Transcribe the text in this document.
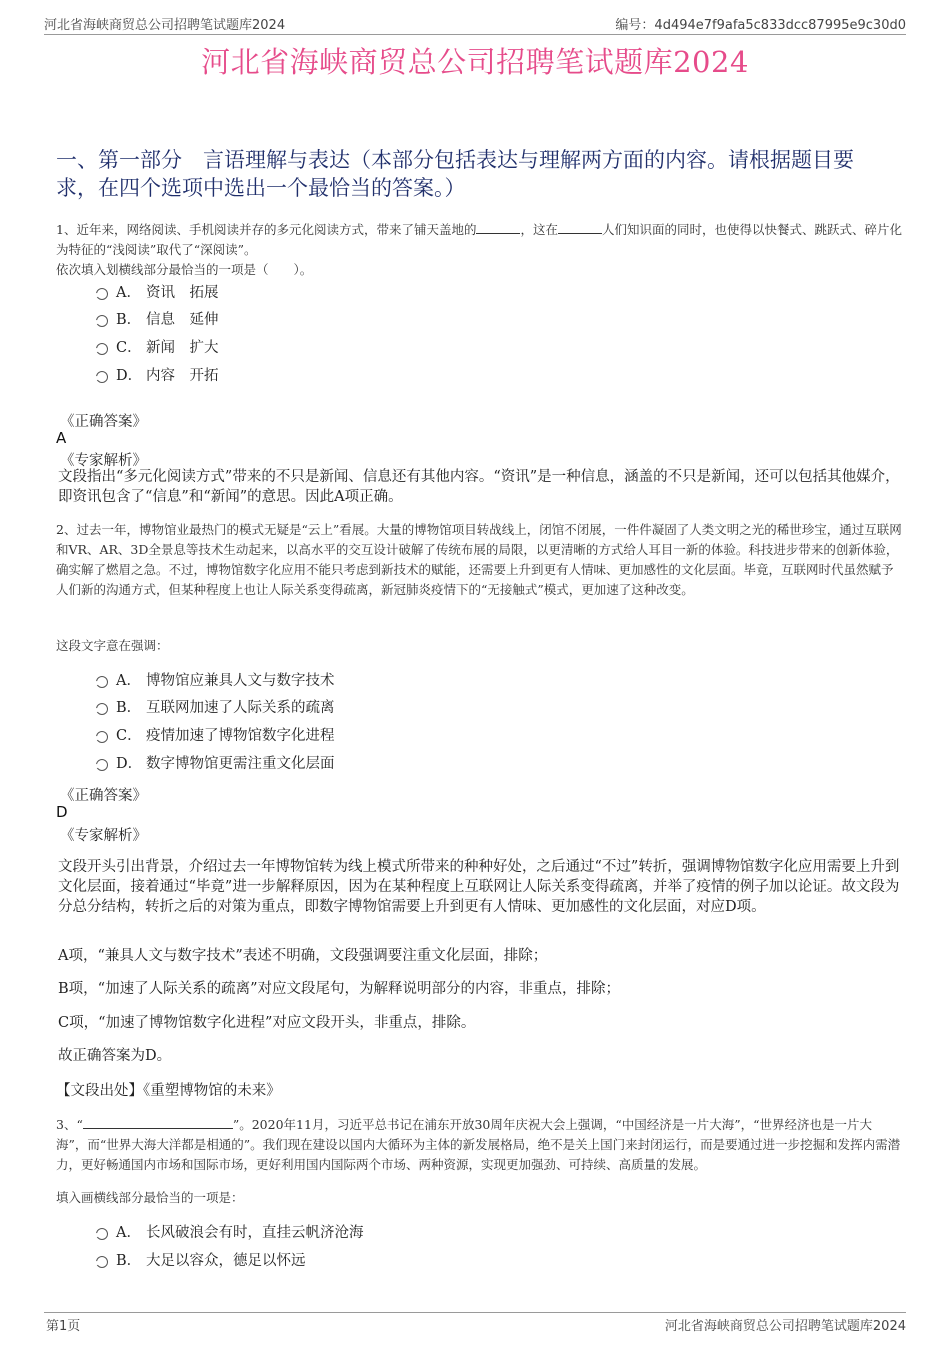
河北省海峡商贸总公司招聘笔试题库2024	编号：4d494e7f9afa5c833dcc87995e9c30d0
河北省海峡商贸总公司招聘笔试题库2024
一、第一部分　言语理解与表达（本部分包括表达与理解两方面的内容。请根据题目要求，在四个选项中选出一个最恰当的答案。）
1、近年来，网络阅读、手机阅读并存的多元化阅读方式，带来了铺天盖地的	，这在	人们知识面的同时，也使得以快餐式、跳跃式、碎片化为特征的“浅阅读”取代了“深阅读”。
依次填入划横线部分最恰当的一项是（　　）。
A． 资讯　拓展
B． 信息　延伸
C． 新闻　扩大
D． 内容　开拓
《正确答案》
A
《专家解析》
文段指出“多元化阅读方式”带来的不只是新闻、信息还有其他内容。“资讯”是一种信息，涵盖的不只是新闻，还可以包括其他媒介，即资讯包含了“信息”和“新闻”的意思。因此A项正确。
2、过去一年，博物馆业最热门的模式无疑是“云上”看展。大量的博物馆项目转战线上，闭馆不闭展，一件件凝固了人类文明之光的稀世珍宝，通过互联网和VR、AR、3D全景息等技术生动起来，以高水平的交互设计破解了传统布展的局限，以更清晰的方式给人耳目一新的体验。科技进步带来的创新体验，确实解了燃眉之急。不过，博物馆数字化应用不能只考虑到新技术的赋能，还需要上升到更有人情味、更加感性的文化层面。毕竟，互联网时代虽然赋予人们新的沟通方式，但某种程度上也让人际关系变得疏离，新冠肺炎疫情下的“无接触式”模式，更加速了这种改变。
这段文字意在强调：
A． 博物馆应兼具人文与数字技术
B． 互联网加速了人际关系的疏离
C． 疫情加速了博物馆数字化进程
D． 数字博物馆更需注重文化层面
《正确答案》
D
《专家解析》
文段开头引出背景，介绍过去一年博物馆转为线上模式所带来的种种好处，之后通过“不过”转折，强调博物馆数字化应用需要上升到文化层面，接着通过“毕竟”进一步解释原因，因为在某种程度上互联网让人际关系变得疏离，并举了疫情的例子加以论证。故文段为分总分结构，转折之后的对策为重点，即数字博物馆需要上升到更有人情味、更加感性的文化层面，对应D项。
A项，“兼具人文与数字技术”表述不明确，文段强调要注重文化层面，排除；
B项，“加速了人际关系的疏离”对应文段尾句，为解释说明部分的内容，非重点，排除；
C项，“加速了博物馆数字化进程”对应文段开头，非重点，排除。
故正确答案为D。
【文段出处】《重塑博物馆的未来》
3、“	”。2020年11月，习近平总书记在浦东开放30周年庆祝大会上强调，“中国经济是一片大海”，“世界经济也是一片大海”，而“世界大海大洋都是相通的”。我们现在建设以国内大循环为主体的新发展格局，绝不是关上国门来封闭运行，而是要通过进一步挖掘和发挥内需潜力，更好畅通国内市场和国际市场，更好利用国内国际两个市场、两种资源，实现更加强劲、可持续、高质量的发展。
填入画横线部分最恰当的一项是：
A． 长风破浪会有时，直挂云帆济沧海
B． 大足以容众，德足以怀远
第1页	河北省海峡商贸总公司招聘笔试题库2024
